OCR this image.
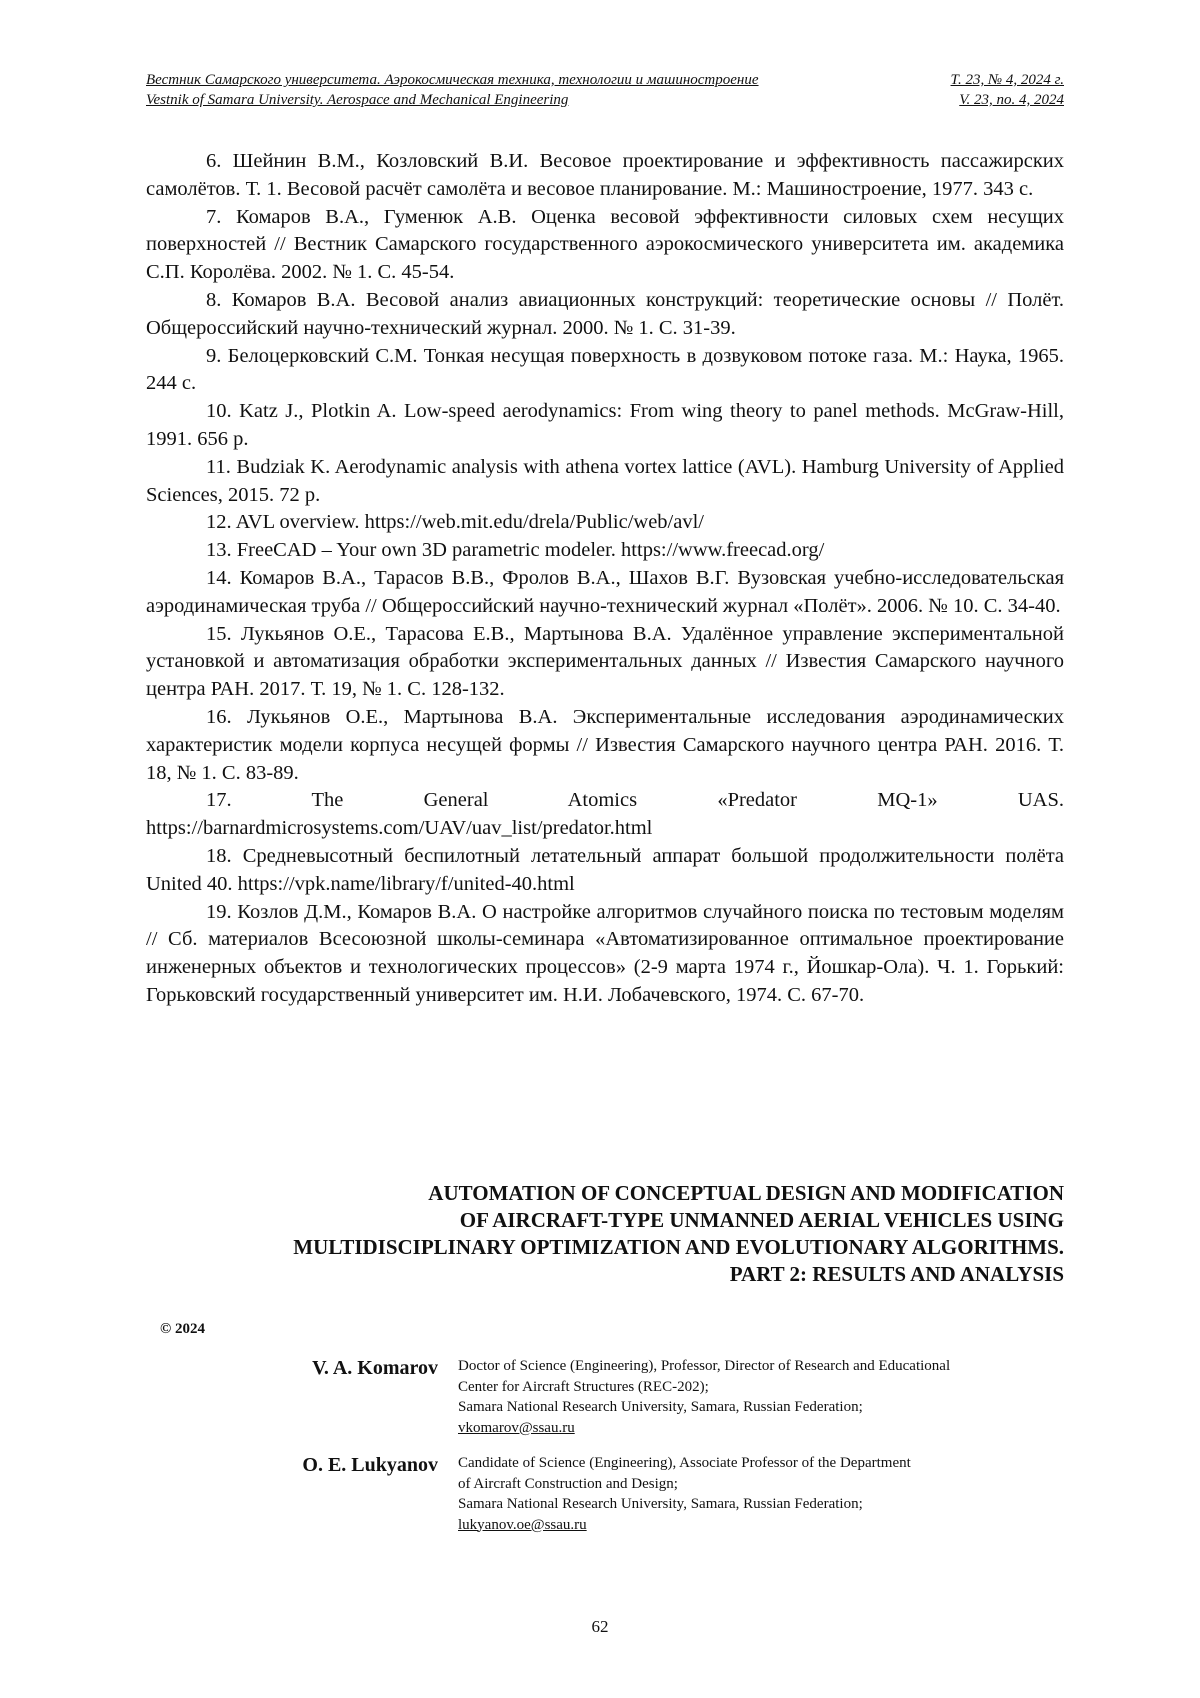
Вестник Самарского университета. Аэрокосмическая техника, технологии и машиностроение	Т. 23, № 4, 2024 г.
Vestnik of Samara University. Aerospace and Mechanical Engineering	V. 23, no. 4, 2024

6. Шейнин В.М., Козловский В.И. Весовое проектирование и эффективность пассажирских самолётов. Т. 1. Весовой расчёт самолёта и весовое планирование. М.: Машиностроение, 1977. 343 с.

7. Комаров В.А., Гуменюк А.В. Оценка весовой эффективности силовых схем несущих поверхностей // Вестник Самарского государственного аэрокосмического университета им. академика С.П. Королёва. 2002. № 1. С. 45-54.

8. Комаров В.А. Весовой анализ авиационных конструкций: теоретические основы // Полёт. Общероссийский научно-технический журнал. 2000. № 1. С. 31-39.

9. Белоцерковский С.М. Тонкая несущая поверхность в дозвуковом потоке газа. М.: Наука, 1965. 244 с.

10. Katz J., Plotkin A. Low-speed aerodynamics: From wing theory to panel methods. McGraw-Hill, 1991. 656 p.

11. Budziak K. Aerodynamic analysis with athena vortex lattice (AVL). Hamburg University of Applied Sciences, 2015. 72 p.

12. AVL overview. https://web.mit.edu/drela/Public/web/avl/

13. FreeCAD – Your own 3D parametric modeler. https://www.freecad.org/

14. Комаров В.А., Тарасов В.В., Фролов В.А., Шахов В.Г. Вузовская учебно-исследовательская аэродинамическая труба // Общероссийский научно-технический журнал «Полёт». 2006. № 10. С. 34-40.

15. Лукьянов О.Е., Тарасова Е.В., Мартынова В.А. Удалённое управление экспериментальной установкой и автоматизация обработки экспериментальных данных // Известия Самарского научного центра РАН. 2017. Т. 19, № 1. С. 128-132.

16. Лукьянов О.Е., Мартынова В.А. Экспериментальные исследования аэродинамических характеристик модели корпуса несущей формы // Известия Самарского научного центра РАН. 2016. Т. 18, № 1. С. 83-89.

17. The General Atomics «Predator MQ-1» UAS. https://barnardmicrosystems.com/UAV/uav_list/predator.html

18. Средневысотный беспилотный летательный аппарат большой продолжительности полёта United 40. https://vpk.name/library/f/united-40.html

19. Козлов Д.М., Комаров В.А. О настройке алгоритмов случайного поиска по тестовым моделям // Сб. материалов Всесоюзной школы-семинара «Автоматизированное оптимальное проектирование инженерных объектов и технологических процессов» (2-9 марта 1974 г., Йошкар-Ола). Ч. 1. Горький: Горьковский государственный университет им. Н.И. Лобачевского, 1974. С. 67-70.

AUTOMATION OF CONCEPTUAL DESIGN AND MODIFICATION
OF AIRCRAFT-TYPE UNMANNED AERIAL VEHICLES USING
MULTIDISCIPLINARY OPTIMIZATION AND EVOLUTIONARY ALGORITHMS.
PART 2: RESULTS AND ANALYSIS
© 2024
V. A. Komarov Doctor of Science (Engineering), Professor, Director of Research and Educational
Center for Aircraft Structures (REC-202);
Samara National Research University, Samara, Russian Federation;
vkomarov@ssau.ru
O. E. Lukyanov Candidate of Science (Engineering), Associate Professor of the Department
of Aircraft Construction and Design;
Samara National Research University, Samara, Russian Federation;
lukyanov.oe@ssau.ru
62
